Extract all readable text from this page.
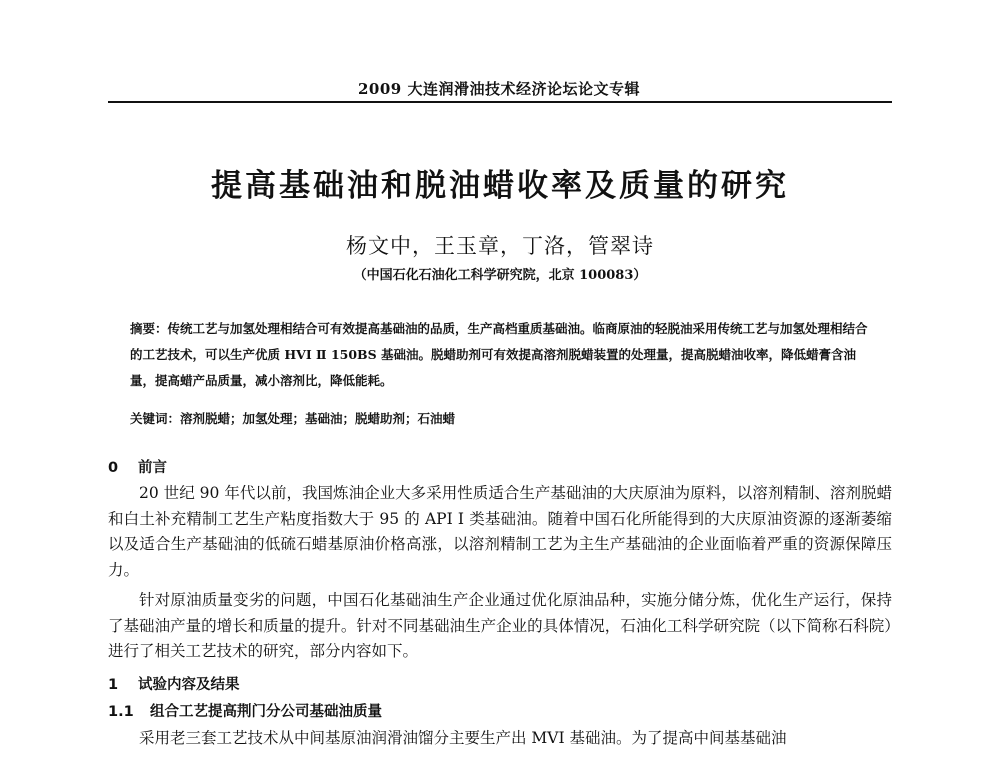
2009 大连润滑油技术经济论坛论文专辑
提高基础油和脱油蜡收率及质量的研究
杨文中，王玉章，丁洛，管翠诗
（中国石化石油化工科学研究院，北京 100083）
摘要：传统工艺与加氢处理相结合可有效提高基础油的品质，生产高档重质基础油。临商原油的轻脱油采用传统工艺与加氢处理相结合的工艺技术，可以生产优质 HVI Ⅱ 150BS 基础油。脱蜡助剂可有效提高溶剂脱蜡装置的处理量，提高脱蜡油收率，降低蜡膏含油量，提高蜡产品质量，减小溶剂比，降低能耗。
关键词：溶剂脱蜡；加氢处理；基础油；脱蜡助剂；石油蜡
0 前言
20 世纪 90 年代以前，我国炼油企业大多采用性质适合生产基础油的大庆原油为原料，以溶剂精制、溶剂脱蜡和白土补充精制工艺生产粘度指数大于 95 的 API Ⅰ 类基础油。随着中国石化所能得到的大庆原油资源的逐渐萎缩以及适合生产基础油的低硫石蜡基原油价格高涨，以溶剂精制工艺为主生产基础油的企业面临着严重的资源保障压力。
针对原油质量变劣的问题，中国石化基础油生产企业通过优化原油品种，实施分储分炼，优化生产运行，保持了基础油产量的增长和质量的提升。针对不同基础油生产企业的具体情况，石油化工科学研究院（以下简称石科院）进行了相关工艺技术的研究，部分内容如下。
1 试验内容及结果
1.1 组合工艺提高荆门分公司基础油质量
采用老三套工艺技术从中间基原油润滑油馏分主要生产出 MVI 基础油。为了提高中间基基础油
